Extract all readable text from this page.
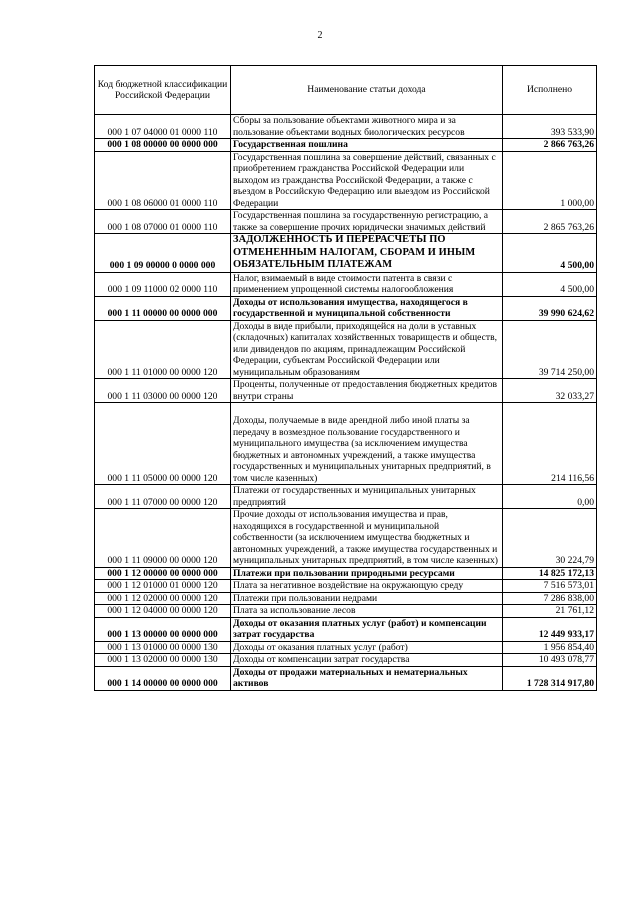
2
Код бюджетной классификации Российской Федерации	Наименование статьи дохода	Исполнено
000 1 07 04000 01 0000 110	Сборы за пользование объектами животного мира и за пользование объектами водных биологических ресурсов	393 533,90
000 1 08 00000 00 0000 000	Государственная пошлина	2 866 763,26
000 1 08 06000 01 0000 110	Государственная пошлина за совершение действий, связанных с приобретением гражданства Российской Федерации или выходом из гражданства Российской Федерации, а также с въездом в Российскую Федерацию или выездом из Российской Федерации	1 000,00
000 1 08 07000 01 0000 110	Государственная пошлина за государственную регистрацию, а также за совершение прочих юридически значимых действий	2 865 763,26
000 1 09 00000 0 0000 000	ЗАДОЛЖЕННОСТЬ И ПЕРЕРАСЧЕТЫ ПО ОТМЕНЕННЫМ НАЛОГАМ, СБОРАМ И ИНЫМ ОБЯЗАТЕЛЬНЫМ ПЛАТЕЖАМ	4 500,00
000 1 09 11000 02 0000 110	Налог, взимаемый в виде стоимости патента в связи с применением упрощенной системы налогообложения	4 500,00
000 1 11 00000 00 0000 000	Доходы от использования имущества, находящегося в государственной и муниципальной собственности	39 990 624,62
000 1 11 01000 00 0000 120	Доходы в виде прибыли, приходящейся на доли в уставных (складочных) капиталах хозяйственных товариществ и обществ, или дивидендов по акциям, принадлежащим Российской Федерации, субъектам Российской Федерации или муниципальным образованиям	39 714 250,00
000 1 11 03000 00 0000 120	Проценты, полученные от предоставления бюджетных кредитов внутри страны	32 033,27
000 1 11 05000 00 0000 120	Доходы, получаемые в виде арендной либо иной платы за передачу в возмездное пользование государственного и муниципального имущества (за исключением имущества бюджетных и автономных учреждений, а также имущества государственных и муниципальных унитарных предприятий, в том числе казенных)	214 116,56
000 1 11 07000 00 0000 120	Платежи от государственных и муниципальных унитарных предприятий	0,00
000 1 11 09000 00 0000 120	Прочие доходы от использования имущества и прав, находящихся в государственной и муниципальной собственности (за исключением имущества бюджетных и автономных учреждений, а также имущества государственных и муниципальных унитарных предприятий, в том числе казенных)	30 224,79
000 1 12 00000 00 0000 000	Платежи при пользовании природными ресурсами	14 825 172,13
000 1 12 01000 01 0000 120	Плата за негативное воздействие на окружающую среду	7 516 573,01
000 1 12 02000 00 0000 120	Платежи при пользовании недрами	7 286 838,00
000 1 12 04000 00 0000 120	Плата за использование лесов	21 761,12
000 1 13 00000 00 0000 000	Доходы от оказания платных услуг (работ) и компенсации затрат государства	12 449 933,17
000 1 13 01000 00 0000 130	Доходы от оказания платных услуг (работ)	1 956 854,40
000 1 13 02000 00 0000 130	Доходы от компенсации затрат государства	10 493 078,77
000 1 14 00000 00 0000 000	Доходы от продажи материальных и нематериальных активов	1 728 314 917,80
